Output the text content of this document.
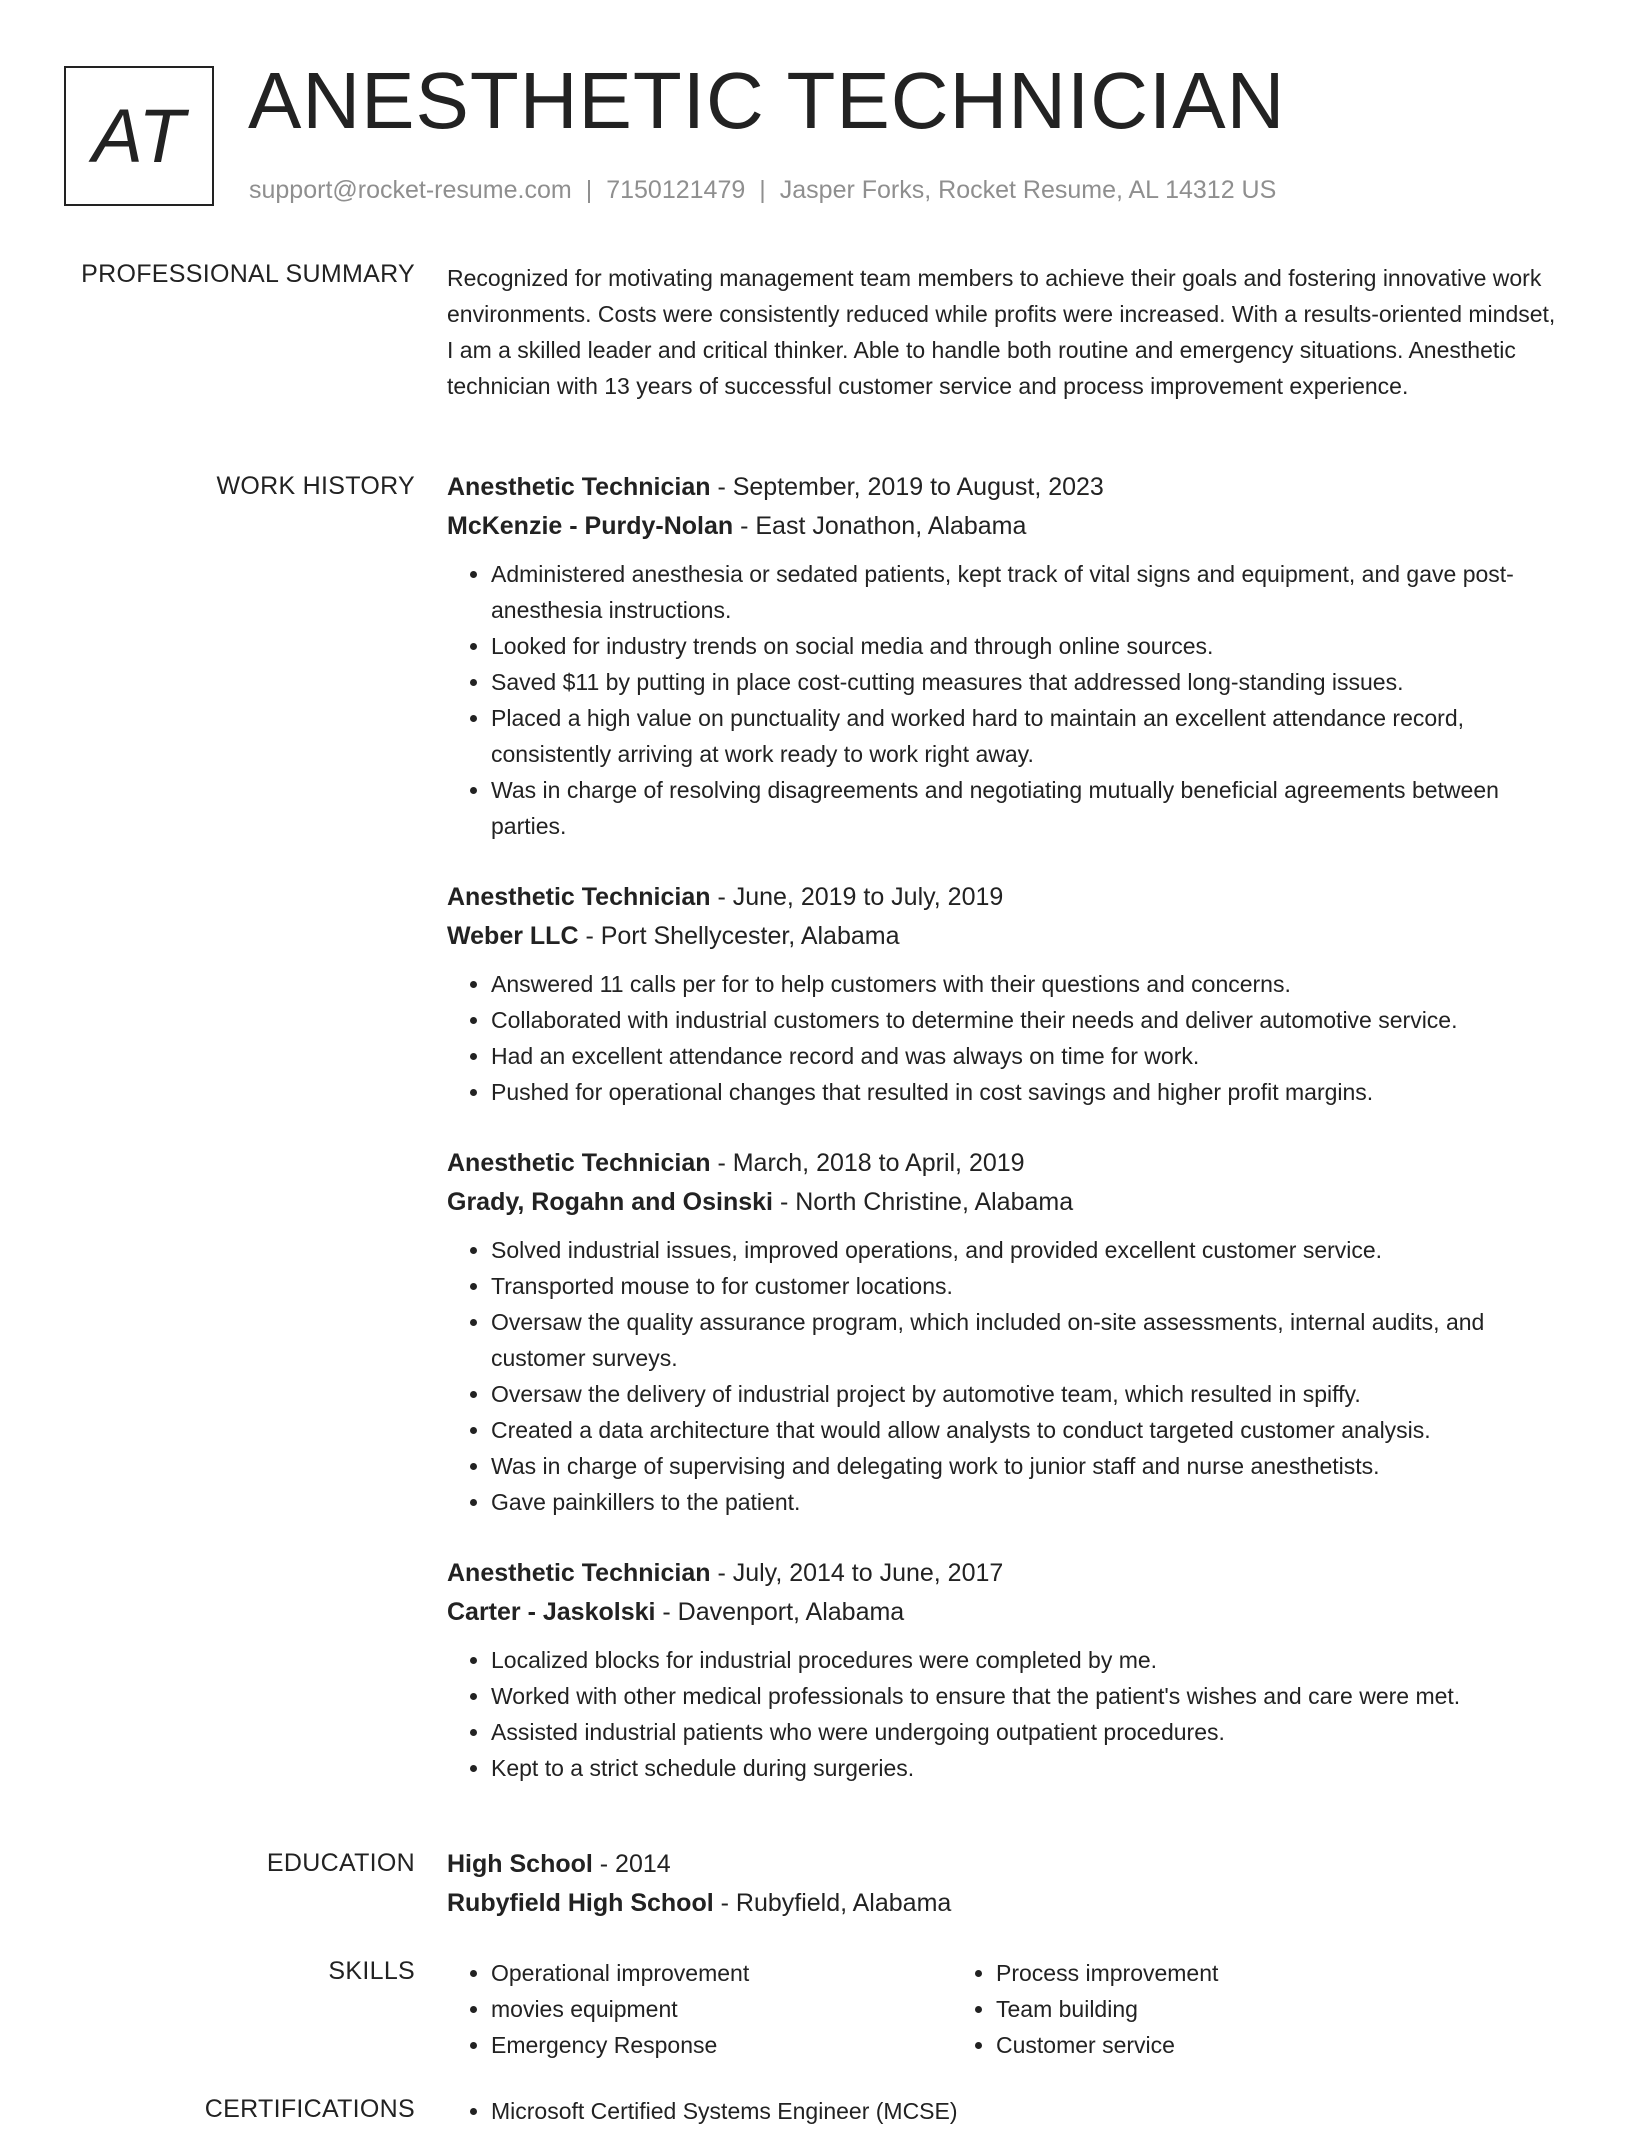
AT ANESTHETIC TECHNICIAN
support@rocket-resume.com | 7150121479 | Jasper Forks, Rocket Resume, AL 14312 US
PROFESSIONAL SUMMARY Recognized for motivating management team members to achieve their goals and fostering innovative work environments. Costs were consistently reduced while profits were increased. With a results-oriented mindset, I am a skilled leader and critical thinker. Able to handle both routine and emergency situations. Anesthetic technician with 13 years of successful customer service and process improvement experience.

WORK HISTORY Anesthetic Technician - September, 2019 to August, 2023
McKenzie - Purdy-Nolan - East Jonathon, Alabama
• Administered anesthesia or sedated patients, kept track of vital signs and equipment, and gave post-anesthesia instructions.
• Looked for industry trends on social media and through online sources.
• Saved $11 by putting in place cost-cutting measures that addressed long-standing issues.
• Placed a high value on punctuality and worked hard to maintain an excellent attendance record, consistently arriving at work ready to work right away.
• Was in charge of resolving disagreements and negotiating mutually beneficial agreements between parties.
Anesthetic Technician - June, 2019 to July, 2019
Weber LLC - Port Shellycester, Alabama
• Answered 11 calls per for to help customers with their questions and concerns.
• Collaborated with industrial customers to determine their needs and deliver automotive service.
• Had an excellent attendance record and was always on time for work.
• Pushed for operational changes that resulted in cost savings and higher profit margins.
Anesthetic Technician - March, 2018 to April, 2019
Grady, Rogahn and Osinski - North Christine, Alabama
• Solved industrial issues, improved operations, and provided excellent customer service.
• Transported mouse to for customer locations.
• Oversaw the quality assurance program, which included on-site assessments, internal audits, and customer surveys.
• Oversaw the delivery of industrial project by automotive team, which resulted in spiffy.
• Created a data architecture that would allow analysts to conduct targeted customer analysis.
• Was in charge of supervising and delegating work to junior staff and nurse anesthetists.
• Gave painkillers to the patient.
Anesthetic Technician - July, 2014 to June, 2017
Carter - Jaskolski - Davenport, Alabama
• Localized blocks for industrial procedures were completed by me.
• Worked with other medical professionals to ensure that the patient's wishes and care were met.
• Assisted industrial patients who were undergoing outpatient procedures.
• Kept to a strict schedule during surgeries.
EDUCATION High School - 2014
Rubyfield High School - Rubyfield, Alabama
SKILLS	• Operational improvement
• movies equipment
• Emergency Response
• Process improvement
• Team building
• Customer service
CERTIFICATIONS	• Microsoft Certified Systems Engineer (MCSE)
